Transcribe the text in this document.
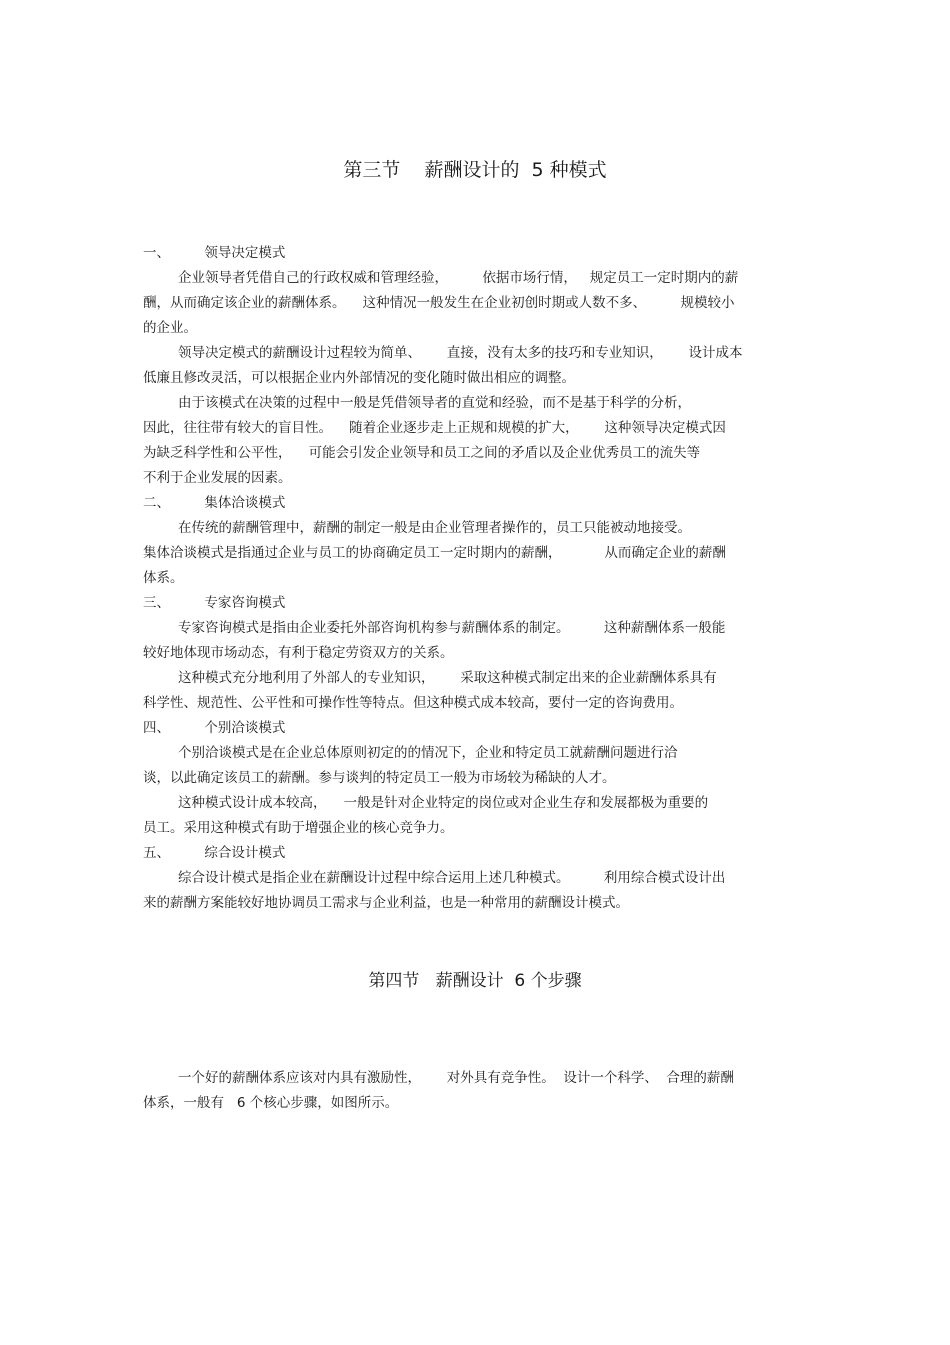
第三节    薪酬设计的  5 种模式
一、        领导决定模式
企业领导者凭借自己的行政权威和管理经验，        依据市场行情，   规定员工一定时期内的薪
酬，从而确定该企业的薪酬体系。    这种情况一般发生在企业初创时期或人数不多、        规模较小
的企业。
领导决定模式的薪酬设计过程较为简单、      直接，没有太多的技巧和专业知识，      设计成本
低廉且修改灵活，可以根据企业内外部情况的变化随时做出相应的调整。
由于该模式在决策的过程中一般是凭借领导者的直觉和经验，而不是基于科学的分析，
因此，往往带有较大的盲目性。    随着企业逐步走上正规和规模的扩大，      这种领导决定模式因
为缺乏科学性和公平性，    可能会引发企业领导和员工之间的矛盾以及企业优秀员工的流失等
不利于企业发展的因素。
二、        集体洽谈模式
在传统的薪酬管理中，薪酬的制定一般是由企业管理者操作的，员工只能被动地接受。
集体洽谈模式是指通过企业与员工的协商确定员工一定时期内的薪酬，          从而确定企业的薪酬
体系。
三、        专家咨询模式
专家咨询模式是指由企业委托外部咨询机构参与薪酬体系的制定。        这种薪酬体系一般能
较好地体现市场动态，有利于稳定劳资双方的关系。
这种模式充分地利用了外部人的专业知识，      采取这种模式制定出来的企业薪酬体系具有
科学性、规范性、公平性和可操作性等特点。但这种模式成本较高，要付一定的咨询费用。
四、        个别洽谈模式
个别洽谈模式是在企业总体原则初定的的情况下，企业和特定员工就薪酬问题进行洽
谈，以此确定该员工的薪酬。参与谈判的特定员工一般为市场较为稀缺的人才。
这种模式设计成本较高，    一般是针对企业特定的岗位或对企业生存和发展都极为重要的
员工。采用这种模式有助于增强企业的核心竞争力。
五、        综合设计模式
综合设计模式是指企业在薪酬设计过程中综合运用上述几种模式。        利用综合模式设计出
来的薪酬方案能较好地协调员工需求与企业利益，也是一种常用的薪酬设计模式。
第四节   薪酬设计  6 个步骤
一个好的薪酬体系应该对内具有激励性，      对外具有竞争性。  设计一个科学、  合理的薪酬
体系，一般有   6 个核心步骤，如图所示。
